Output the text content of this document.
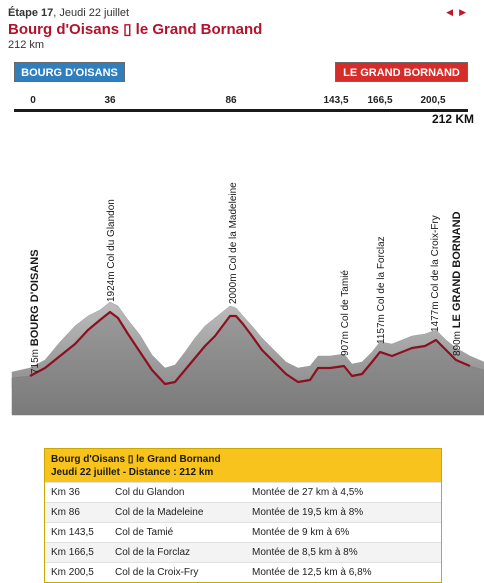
Étape 17, Jeudi 22 juillet	◀▶
Bourg d'Oisans ▯ le Grand Bornand
212 km
BOURG D'OISANS	LE GRAND BORNAND
0	36	86	143,5 166,5	200,5
212 KM
715m BOURG D'OISANS	1924m Col du Glandon
2000m Col de la Madeleine
907m Col de Tamié
1157m Col de la Forclaz
1477m Col de la Croix-Fry
890m LE GRAND BORNAND
Bourg d'Oisans ▯ le Grand Bornand
Jeudi 22 juillet - Distance : 212 km
Km 36	Col du Glandon	Montée de 27 km à 4,5%
Km 86	Col de la Madeleine	Montée de 19,5 km à 8%
Km 143,5	Col de Tamié	Montée de 9 km à 6%
Km 166,5	Col de la Forclaz	Montée de 8,5 km à 8%
Km 200,5	Col de la Croix-Fry	Montée de 12,5 km à 6,8%
